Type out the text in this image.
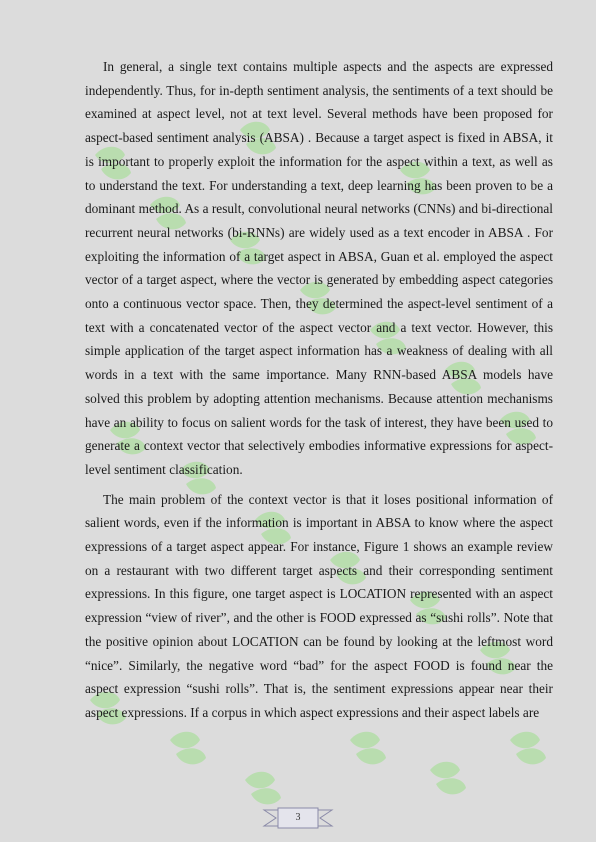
In general, a single text contains multiple aspects and the aspects are expressed independently. Thus, for in-depth sentiment analysis, the sentiments of a text should be examined at aspect level, not at text level. Several methods have been proposed for aspect-based sentiment analysis (ABSA) . Because a target aspect is fixed in ABSA, it is important to properly exploit the information for the aspect within a text, as well as to understand the text. For understanding a text, deep learning has been proven to be a dominant method. As a result, convolutional neural networks (CNNs) and bi-directional recurrent neural networks (bi-RNNs) are widely used as a text encoder in ABSA . For exploiting the information of a target aspect in ABSA, Guan et al. employed the aspect vector of a target aspect, where the vector is generated by embedding aspect categories onto a continuous vector space. Then, they determined the aspect-level sentiment of a text with a concatenated vector of the aspect vector and a text vector. However, this simple application of the target aspect information has a weakness of dealing with all words in a text with the same importance. Many RNN-based ABSA models have solved this problem by adopting attention mechanisms. Because attention mechanisms have an ability to focus on salient words for the task of interest, they have been used to generate a context vector that selectively embodies informative expressions for aspect-level sentiment classification.

The main problem of the context vector is that it loses positional information of salient words, even if the information is important in ABSA to know where the aspect expressions of a target aspect appear. For instance, Figure 1 shows an example review on a restaurant with two different target aspects and their corresponding sentiment expressions. In this figure, one target aspect is LOCATION represented with an aspect expression “view of river”, and the other is FOOD expressed as “sushi rolls”. Note that the positive opinion about LOCATION can be found by looking at the leftmost word “nice”. Similarly, the negative word “bad” for the aspect FOOD is found near the aspect expression “sushi rolls”. That is, the sentiment expressions appear near their aspect expressions. If a corpus in which aspect expressions and their aspect labels are

3
